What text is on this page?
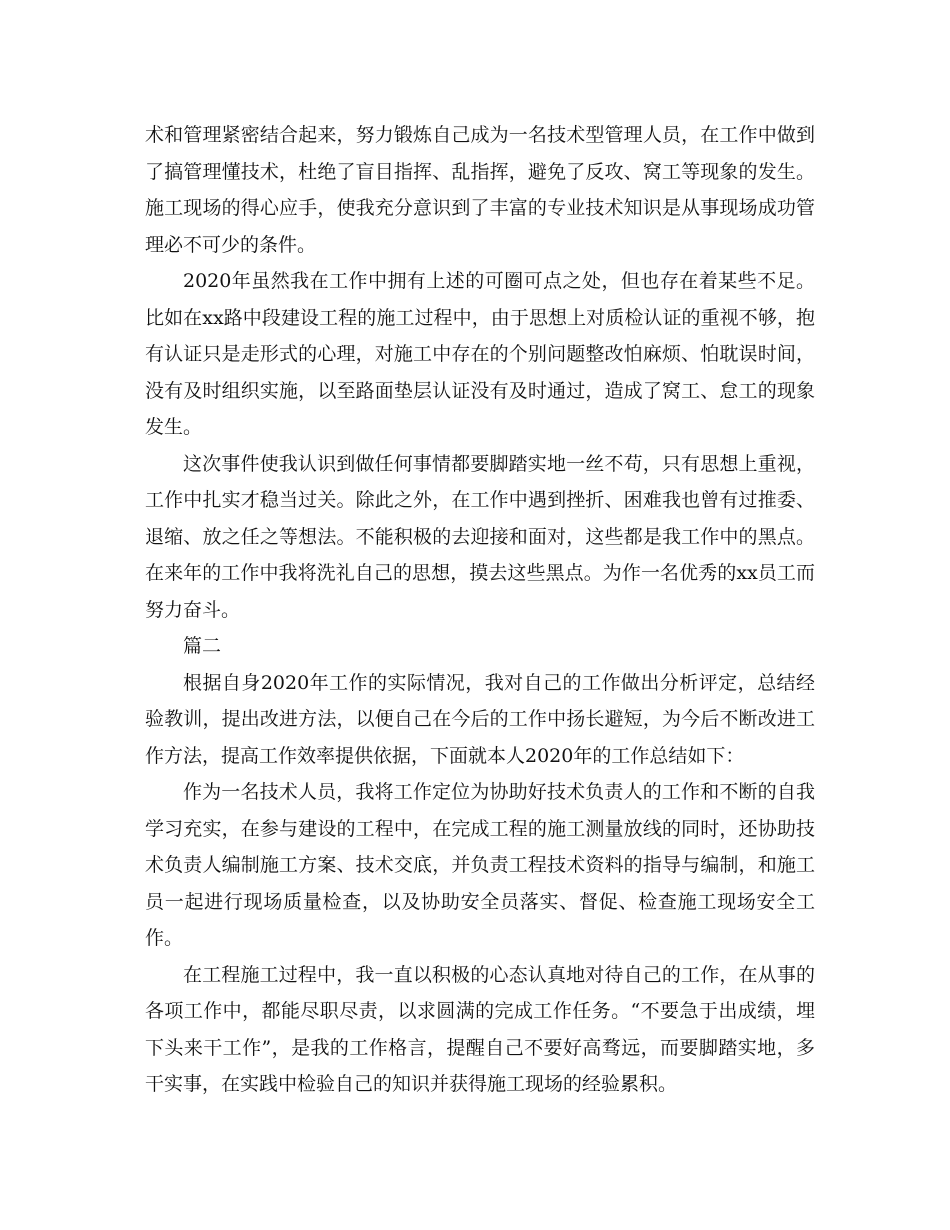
术和管理紧密结合起来，努力锻炼自己成为一名技术型管理人员，在工作中做到了搞管理懂技术，杜绝了盲目指挥、乱指挥，避免了反攻、窝工等现象的发生。施工现场的得心应手，使我充分意识到了丰富的专业技术知识是从事现场成功管理必不可少的条件。

2020年虽然我在工作中拥有上述的可圈可点之处，但也存在着某些不足。比如在xx路中段建设工程的施工过程中，由于思想上对质检认证的重视不够，抱有认证只是走形式的心理，对施工中存在的个别问题整改怕麻烦、怕耽误时间，没有及时组织实施，以至路面垫层认证没有及时通过，造成了窝工、怠工的现象发生。

这次事件使我认识到做任何事情都要脚踏实地一丝不苟，只有思想上重视，工作中扎实才稳当过关。除此之外，在工作中遇到挫折、困难我也曾有过推委、退缩、放之任之等想法。不能积极的去迎接和面对，这些都是我工作中的黑点。在来年的工作中我将洗礼自己的思想，摸去这些黑点。为作一名优秀的xx员工而努力奋斗。

篇二

根据自身2020年工作的实际情况，我对自己的工作做出分析评定，总结经验教训，提出改进方法，以便自己在今后的工作中扬长避短，为今后不断改进工作方法，提高工作效率提供依据，下面就本人2020年的工作总结如下：

作为一名技术人员，我将工作定位为协助好技术负责人的工作和不断的自我学习充实，在参与建设的工程中，在完成工程的施工测量放线的同时，还协助技术负责人编制施工方案、技术交底，并负责工程技术资料的指导与编制，和施工员一起进行现场质量检查，以及协助安全员落实、督促、检查施工现场安全工作。

在工程施工过程中，我一直以积极的心态认真地对待自己的工作，在从事的各项工作中，都能尽职尽责，以求圆满的完成工作任务。“不要急于出成绩，埋下头来干工作”，是我的工作格言，提醒自己不要好高骛远，而要脚踏实地，多干实事，在实践中检验自己的知识并获得施工现场的经验累积。
